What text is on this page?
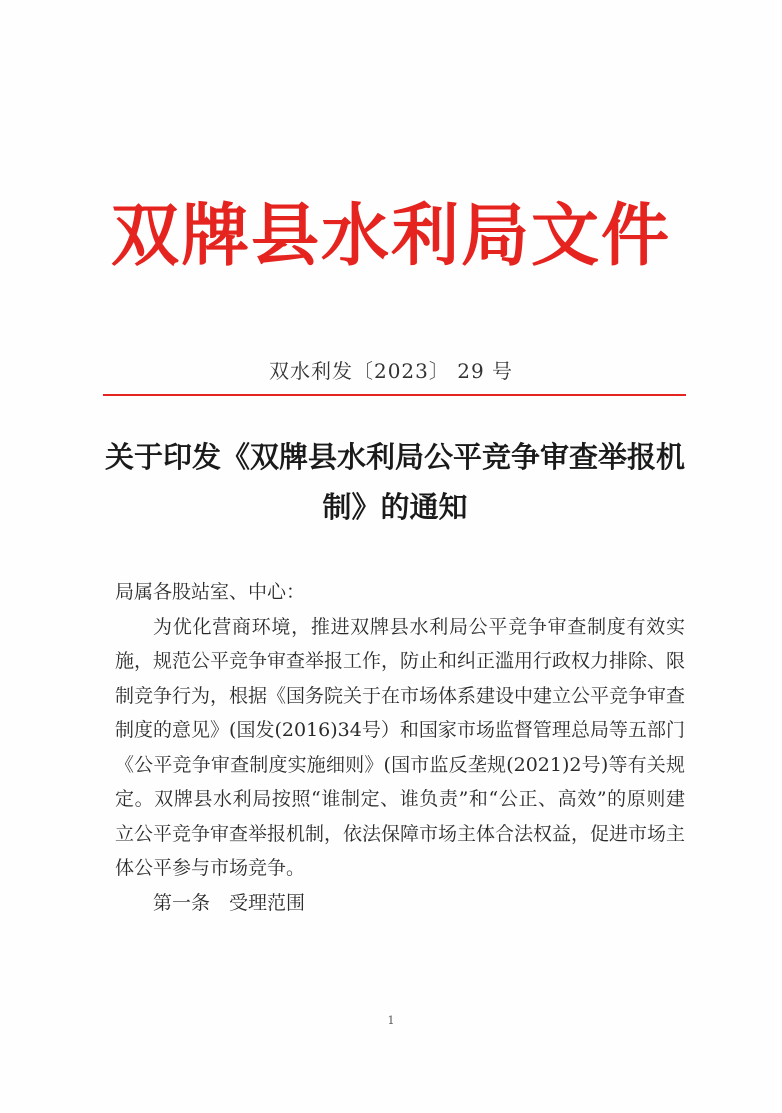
双牌县水利局文件
双水利发〔2023〕 29 号
关于印发《双牌县水利局公平竞争审查举报机制》的通知

局属各股站室、中心：

为优化营商环境，推进双牌县水利局公平竞争审查制度有效实施，规范公平竞争审查举报工作，防止和纠正滥用行政权力排除、限制竞争行为，根据《国务院关于在市场体系建设中建立公平竞争审查制度的意见》(国发(2016)34号）和国家市场监督管理总局等五部门《公平竞争审查制度实施细则》(国市监反垄规(2021)2号)等有关规定。双牌县水利局按照“谁制定、谁负责”和“公正、高效”的原则建立公平竞争审查举报机制，依法保障市场主体合法权益，促进市场主体公平参与市场竞争。

第一条　受理范围

1
